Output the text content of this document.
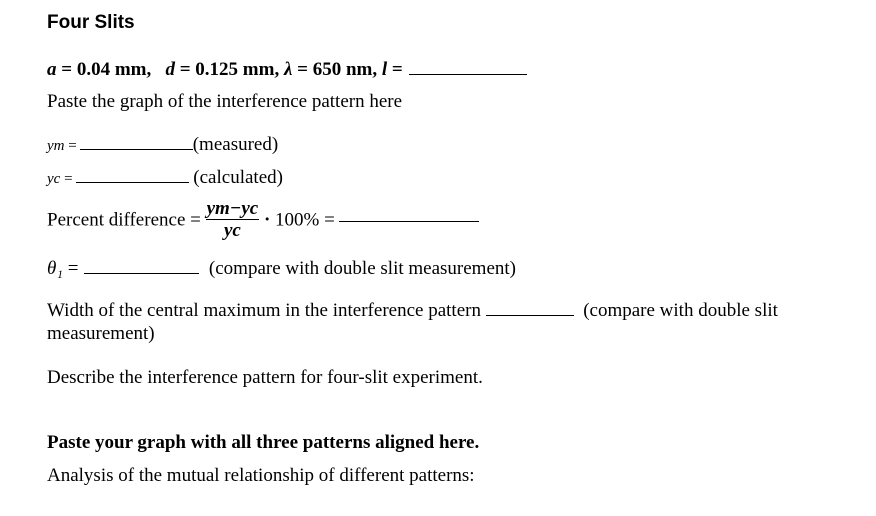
Four Slits
a = 0.04 mm, d = 0.125 mm, λ = 650 nm, l =
Paste the graph of the interference pattern here
ym =	(measured)
yc =	(calculated)
Percent difference = $\frac{ym-yc}{yc} \cdot 100\%$ =
θ₁ =	(compare with double slit measurement)
Width of the central maximum in the interference pattern	(compare with double slit
measurement)
Describe the interference pattern for four-slit experiment.
Paste your graph with all three patterns aligned here.
Analysis of the mutual relationship of different patterns:
